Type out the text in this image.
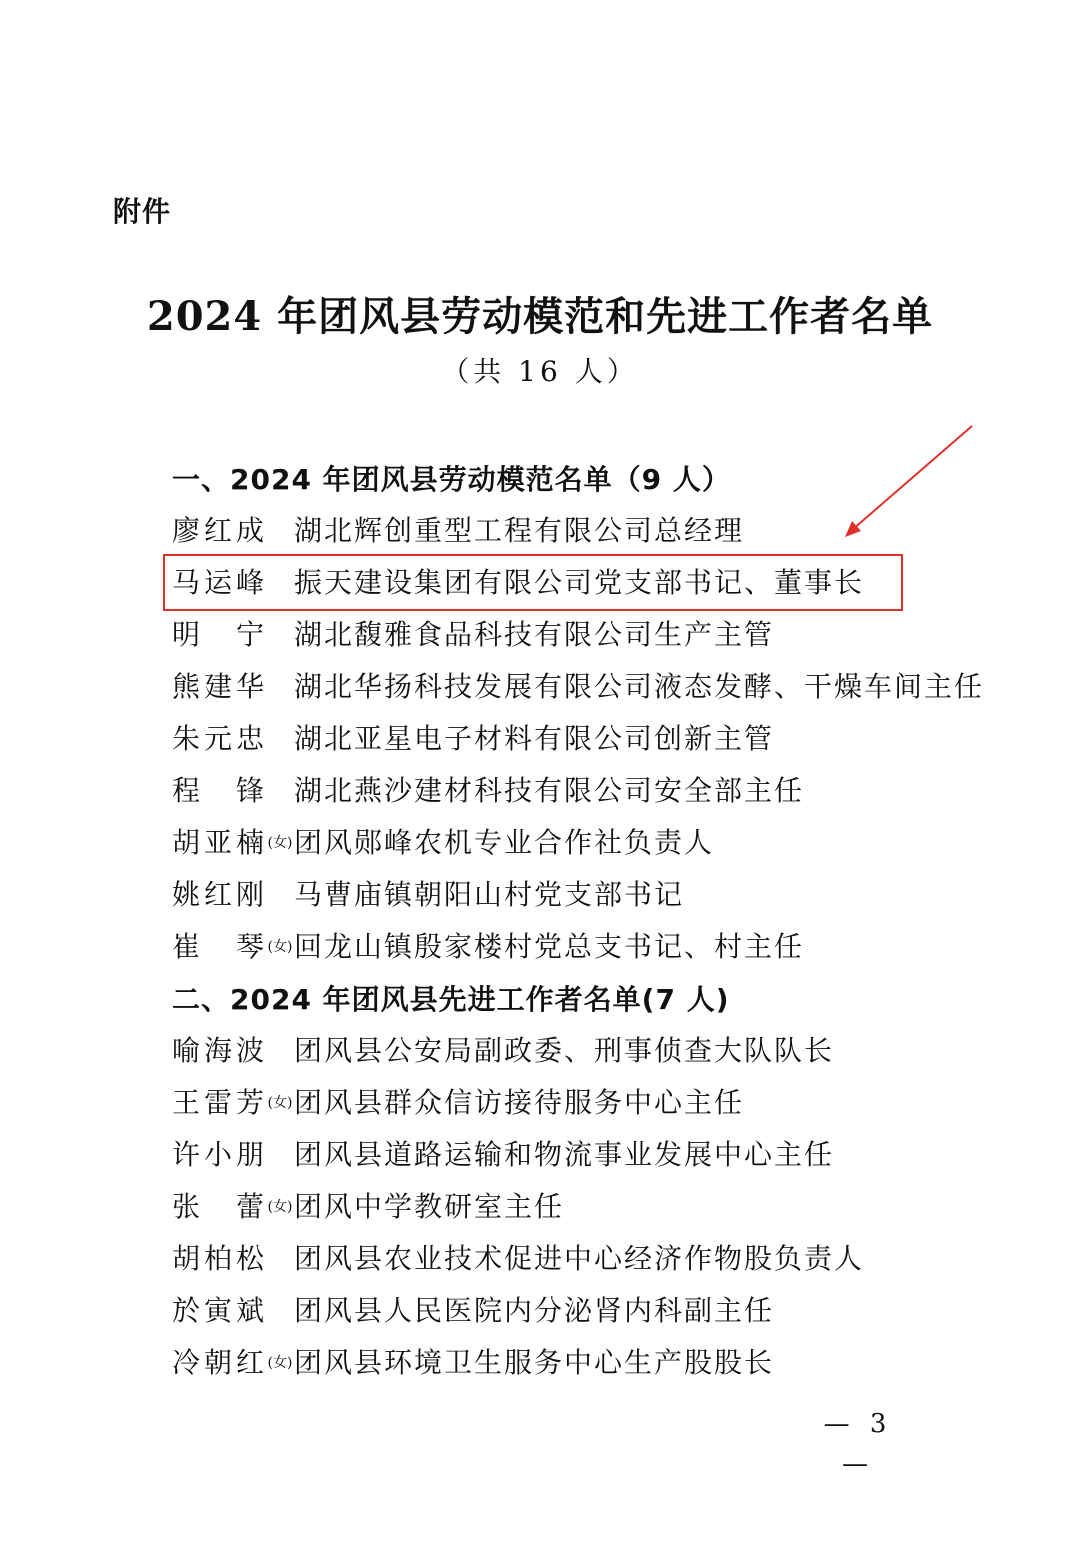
附件
2024 年团风县劳动模范和先进工作者名单
（共 16 人）
一、2024 年团风县劳动模范名单（9 人）
廖红成 湖北辉创重型工程有限公司总经理
马运峰 振天建设集团有限公司党支部书记、董事长
明 宁 湖北馥雅食品科技有限公司生产主管
熊建华 湖北华扬科技发展有限公司液态发酵、干燥车间主任
朱元忠 湖北亚星电子材料有限公司创新主管
程 锋 湖北燕沙建材科技有限公司安全部主任
胡亚楠 ( 女 ) 团风郧峰农机专业合作社负责人
姚红刚 马曹庙镇朝阳山村党支部书记
崔 琴 ( 女 ) 回龙山镇殷家楼村党总支书记、村主任
二、2024 年团风县先进工作者名单(7 人)
喻海波 团风县公安局副政委、刑事侦查大队队长
王雷芳 ( 女 ) 团风县群众信访接待服务中心主任
许小朋 团风县道路运输和物流事业发展中心主任
张 蕾 ( 女 ) 团风中学教研室主任
胡柏松 团风县农业技术促进中心经济作物股负责人
於寅斌 团风县人民医院内分泌肾内科副主任
冷朝红 ( 女 ) 团风县环境卫生服务中心生产股股长
— 3 —
